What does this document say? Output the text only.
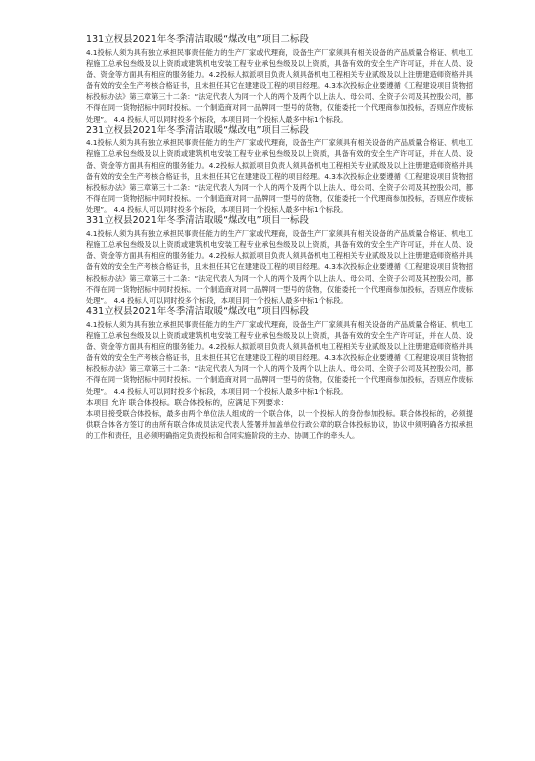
131立杈县2021年冬季清洁取暖“煤改电”项目二标段

4.1投标人须为具有独立承担民事责任能力的生产厂家或代理商，设备生产厂家须具有相关设备的产品质量合格证、机电工程施工总承包叁级及以上资质或建筑机电安装工程专业承包叁级及以上资质，具备有效的安全生产许可证，并在人员、设备、资金等方面具有相应的服务能力。4.2投标人拟派项目负责人须具备机电工程相关专业贰级及以上注册建造师资格并具备有效的安全生产考核合格证书，且未担任其它在建建设工程的项目经理。4.3本次投标企业要遵循《工程建设项目货物招标投标办法》第三章第三十二条：“法定代表人为同一个人的两个及两个以上法人、母公司、全资子公司及其控股公司，都不得在同一货物招标中同时投标。一个制造商对同一品牌同一型号的货物，仅能委托一个代理商参加投标，否则应作废标处理”。 4.4 投标人可以同时投多个标段，本项目同一个投标人最多中标1个标段。

231立杈县2021年冬季清洁取暖“煤改电”项目三标段

4.1投标人须为具有独立承担民事责任能力的生产厂家或代理商，设备生产厂家须具有相关设备的产品质量合格证、机电工程施工总承包叁级及以上资质或建筑机电安装工程专业承包叁级及以上资质，具备有效的安全生产许可证，并在人员、设备、资金等方面具有相应的服务能力。4.2投标人拟派项目负责人须具备机电工程相关专业贰级及以上注册建造师资格并具备有效的安全生产考核合格证书，且未担任其它在建建设工程的项目经理。4.3本次投标企业要遵循《工程建设项目货物招标投标办法》第三章第三十二条：“法定代表人为同一个人的两个及两个以上法人、母公司、全资子公司及其控股公司，都不得在同一货物招标中同时投标。一个制造商对同一品牌同一型号的货物，仅能委托一个代理商参加投标，否则应作废标处理”。 4.4 投标人可以同时投多个标段，本项目同一个投标人最多中标1个标段。

331立杈县2021年冬季清洁取暖“煤改电”项目一标段

4.1投标人须为具有独立承担民事责任能力的生产厂家或代理商，设备生产厂家须具有相关设备的产品质量合格证、机电工程施工总承包叁级及以上资质或建筑机电安装工程专业承包叁级及以上资质，具备有效的安全生产许可证，并在人员、设备、资金等方面具有相应的服务能力。4.2投标人拟派项目负责人须具备机电工程相关专业贰级及以上注册建造师资格并具备有效的安全生产考核合格证书，且未担任其它在建建设工程的项目经理。4.3本次投标企业要遵循《工程建设项目货物招标投标办法》第三章第三十二条：“法定代表人为同一个人的两个及两个以上法人、母公司、全资子公司及其控股公司，都不得在同一货物招标中同时投标。一个制造商对同一品牌同一型号的货物，仅能委托一个代理商参加投标，否则应作废标处理”。 4.4 投标人可以同时投多个标段，本项目同一个投标人最多中标1个标段。

431立杈县2021年冬季清洁取暖“煤改电”项目四标段

4.1投标人须为具有独立承担民事责任能力的生产厂家或代理商，设备生产厂家须具有相关设备的产品质量合格证、机电工程施工总承包叁级及以上资质或建筑机电安装工程专业承包叁级及以上资质，具备有效的安全生产许可证，并在人员、设备、资金等方面具有相应的服务能力。4.2投标人拟派项目负责人须具备机电工程相关专业贰级及以上注册建造师资格并具备有效的安全生产考核合格证书，且未担任其它在建建设工程的项目经理。4.3本次投标企业要遵循《工程建设项目货物招标投标办法》第三章第三十二条：“法定代表人为同一个人的两个及两个以上法人、母公司、全资子公司及其控股公司，都不得在同一货物招标中同时投标。一个制造商对同一品牌同一型号的货物，仅能委托一个代理商参加投标，否则应作废标处理”。 4.4 投标人可以同时投多个标段，本项目同一个投标人最多中标1个标段。

本项目 允许 联合体投标。联合体投标的，应满足下列要求：

本项目接受联合体投标，最多由两个单位法人组成的一个联合体，以一个投标人的身份参加投标。联合体投标的，必须提供联合体各方签订的由所有联合体成员法定代表人签署并加盖单位行政公章的联合体投标协议，协议中须明确各方拟承担的工作和责任，且必须明确指定负责投标和合同实施阶段的主办、协调工作的牵头人。
